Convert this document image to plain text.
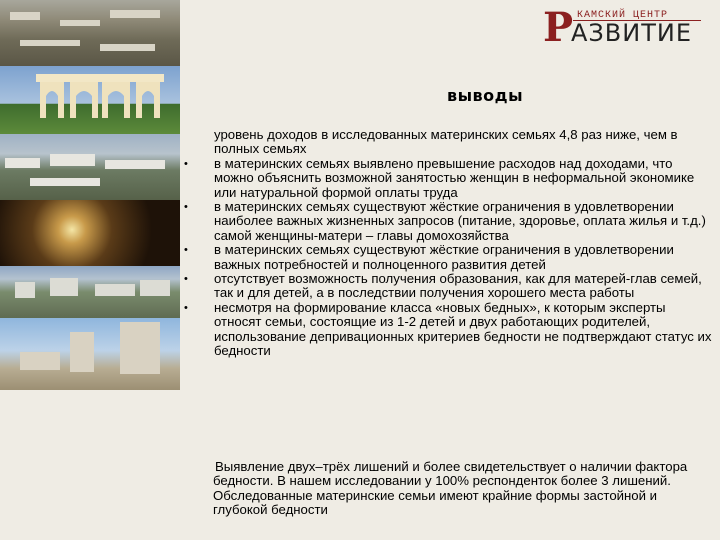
Р КАМСКИЙ ЦЕНТР
АЗВИТИЕ
выводы
уровень доходов в исследованных материнских семьях 4,8 раз ниже, чем в полных семьях
• в материнских семьях выявлено превышение расходов над доходами, что можно объяснить возможной занятостью женщин в неформальной экономике или натуральной формой оплаты труда
• в материнских семьях существуют жёсткие ограничения в удовлетворении наиболее важных жизненных запросов (питание, здоровье, оплата жилья и т.д.) самой женщины-матери – главы домохозяйства
• в материнских семьях существуют жёсткие ограничения в удовлетворении важных потребностей и полноценного развития детей
• отсутствует возможность получения образования, как для матерей-глав семей, так и для детей, а в последствии получения хорошего места работы
• несмотря на формирование класса «новых бедных», к которым эксперты относят семьи, состоящие из 1-2 детей и двух работающих родителей, использование депривационных критериев бедности не подтверждают статус их бедности
Выявление двух–трёх лишений и более свидетельствует о наличии фактора бедности. В нашем исследовании у 100% респонденток более 3 лишений. Обследованные материнские семьи имеют крайние формы застойной и глубокой бедности
